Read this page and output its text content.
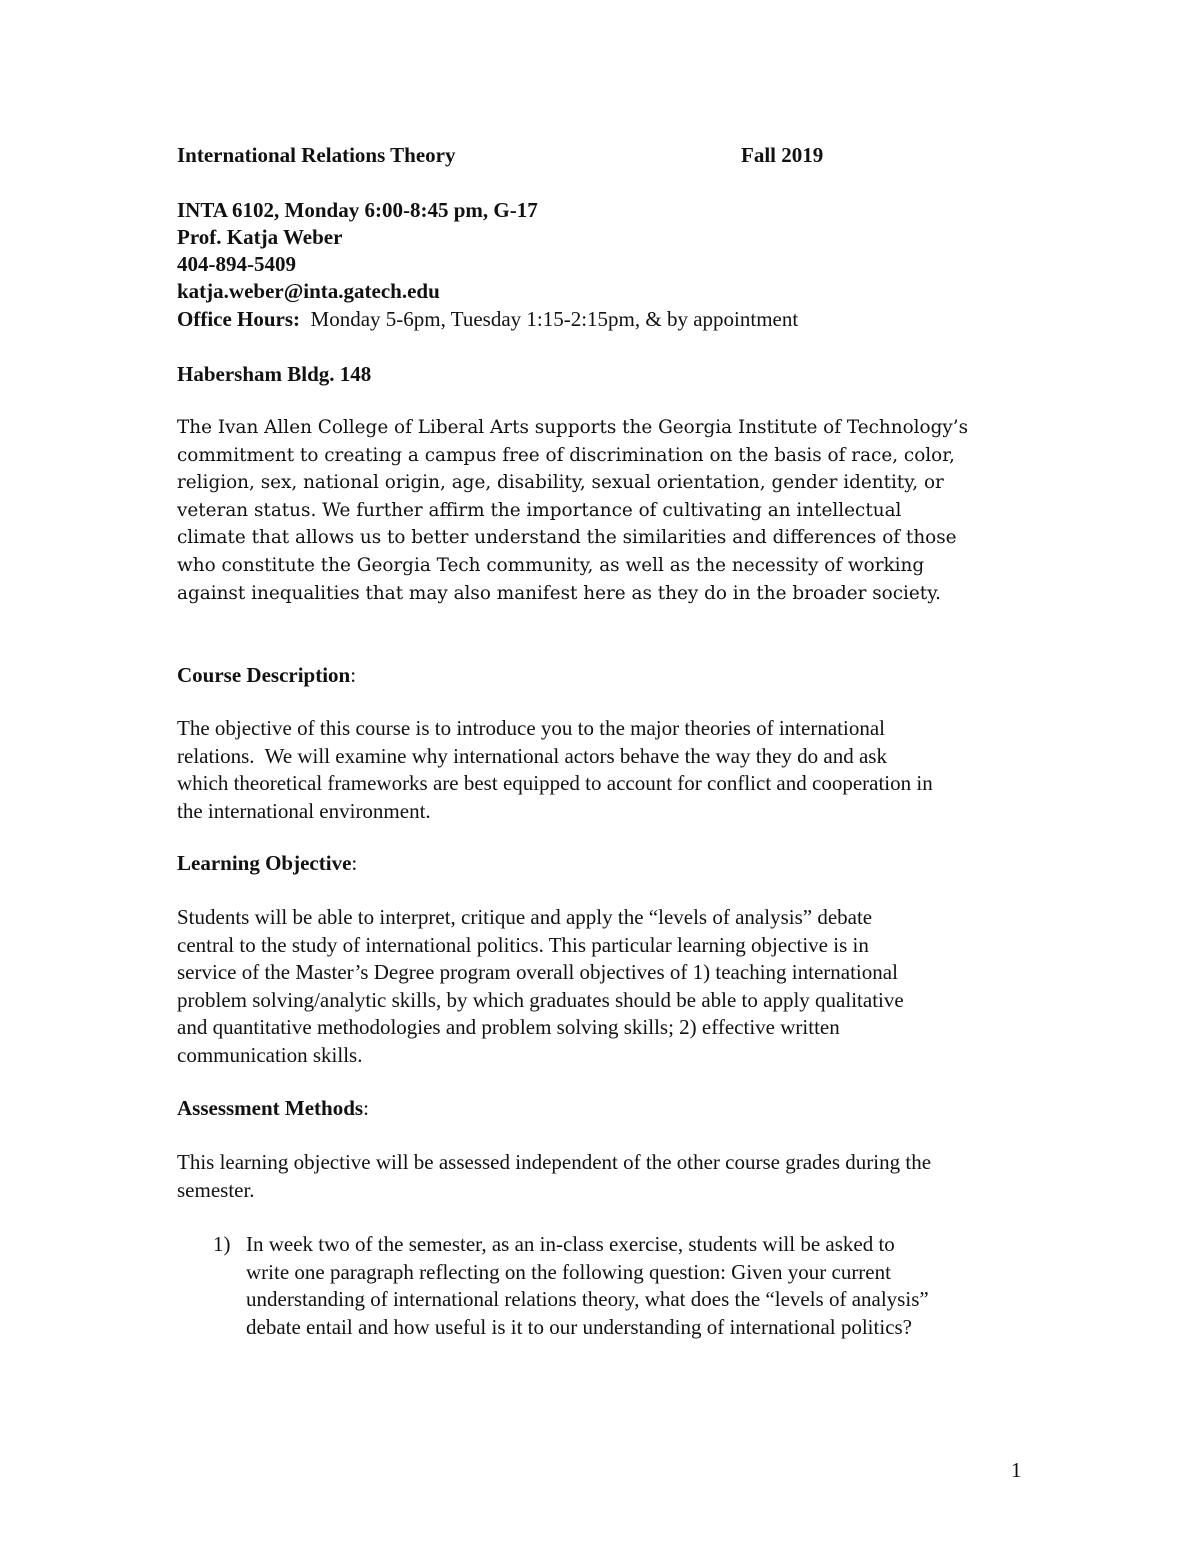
International Relations Theory	Fall 2019
INTA 6102, Monday 6:00-8:45 pm, G-17
Prof. Katja Weber
404-894-5409
katja.weber@inta.gatech.edu
Office Hours:  Monday 5-6pm, Tuesday 1:15-2:15pm, & by appointment
Habersham Bldg. 148
The Ivan Allen College of Liberal Arts supports the Georgia Institute of Technology’s
commitment to creating a campus free of discrimination on the basis of race, color,
religion, sex, national origin, age, disability, sexual orientation, gender identity, or
veteran status. We further affirm the importance of cultivating an intellectual
climate that allows us to better understand the similarities and differences of those
who constitute the Georgia Tech community, as well as the necessity of working
against inequalities that may also manifest here as they do in the broader society.
Course Description:
The objective of this course is to introduce you to the major theories of international
relations.  We will examine why international actors behave the way they do and ask
which theoretical frameworks are best equipped to account for conflict and cooperation in
the international environment.
Learning Objective:
Students will be able to interpret, critique and apply the “levels of analysis” debate
central to the study of international politics. This particular learning objective is in
service of the Master’s Degree program overall objectives of 1) teaching international
problem solving/analytic skills, by which graduates should be able to apply qualitative
and quantitative methodologies and problem solving skills; 2) effective written
communication skills.
Assessment Methods:
This learning objective will be assessed independent of the other course grades during the
semester.
1) In week two of the semester, as an in-class exercise, students will be asked to
write one paragraph reflecting on the following question: Given your current
understanding of international relations theory, what does the “levels of analysis”
debate entail and how useful is it to our understanding of international politics?
1
